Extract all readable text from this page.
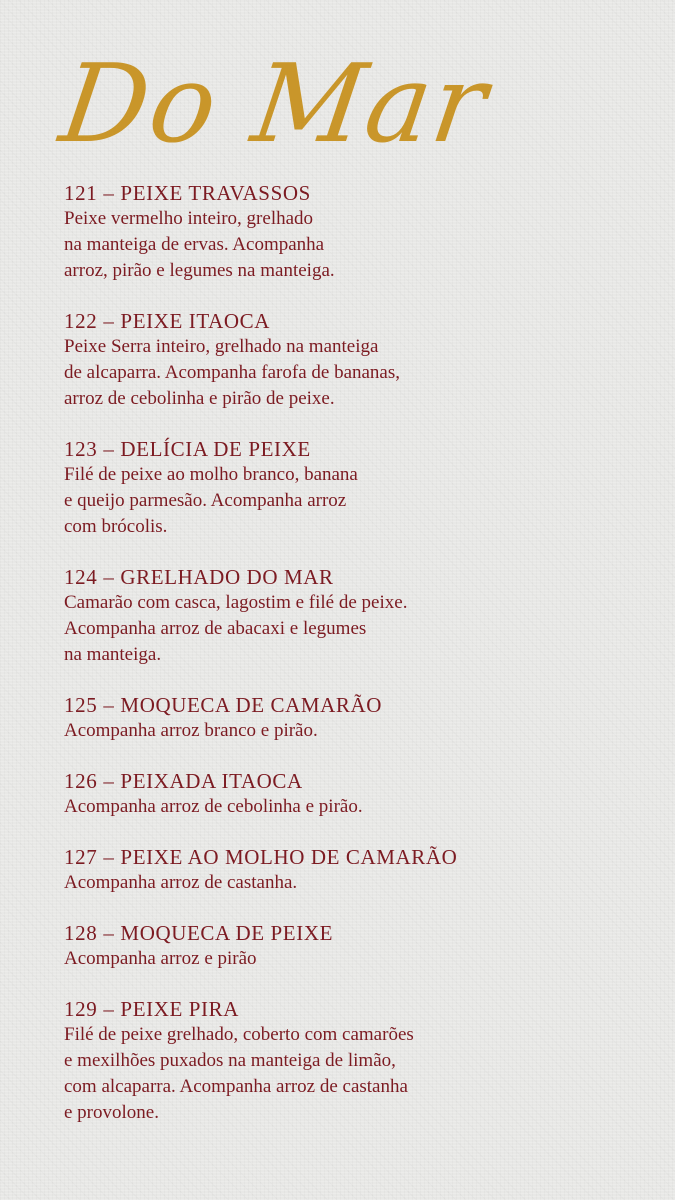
Do Mar
121 – PEIXE TRAVASSOS
Peixe vermelho inteiro, grelhado
na manteiga de ervas. Acompanha
arroz, pirão e legumes na manteiga.
122 – PEIXE ITAOCA
Peixe Serra inteiro, grelhado na manteiga
de alcaparra. Acompanha farofa de bananas,
arroz de cebolinha e pirão de peixe.
123 – DELÍCIA DE PEIXE
Filé de peixe ao molho branco, banana
e queijo parmesão. Acompanha arroz
com brócolis.
124 – GRELHADO DO MAR
Camarão com casca, lagostim e filé de peixe.
Acompanha arroz de abacaxi e legumes
na manteiga.
125 – MOQUECA DE CAMARÃO
Acompanha arroz branco e pirão.
126 – PEIXADA ITAOCA
Acompanha arroz de cebolinha e pirão.
127 – PEIXE AO MOLHO DE CAMARÃO
Acompanha arroz de castanha.
128 – MOQUECA DE PEIXE
Acompanha arroz e pirão
129 – PEIXE PIRA
Filé de peixe grelhado, coberto com camarões
e mexilhões puxados na manteiga de limão,
com alcaparra. Acompanha arroz de castanha
e provolone.
